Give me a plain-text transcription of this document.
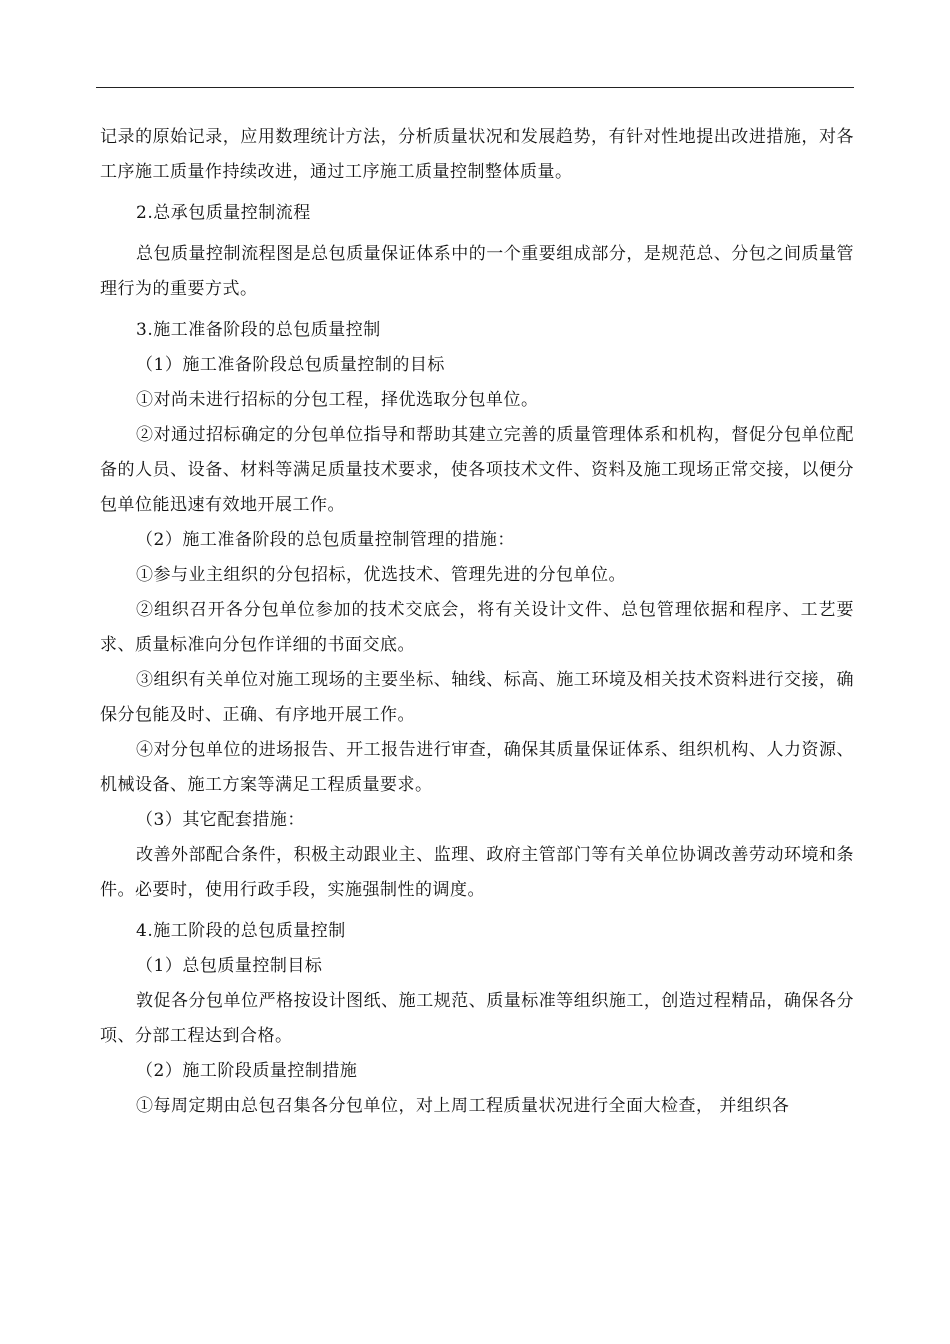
记录的原始记录，应用数理统计方法，分析质量状况和发展趋势，有针对性地提出改进措施，对各工序施工质量作持续改进，通过工序施工质量控制整体质量。

2.总承包质量控制流程

总包质量控制流程图是总包质量保证体系中的一个重要组成部分，是规范总、分包之间质量管理行为的重要方式。

3.施工准备阶段的总包质量控制

（1）施工准备阶段总包质量控制的目标

①对尚未进行招标的分包工程，择优选取分包单位。

②对通过招标确定的分包单位指导和帮助其建立完善的质量管理体系和机构，督促分包单位配备的人员、设备、材料等满足质量技术要求，使各项技术文件、资料及施工现场正常交接，以便分包单位能迅速有效地开展工作。

（2）施工准备阶段的总包质量控制管理的措施：

①参与业主组织的分包招标，优选技术、管理先进的分包单位。

②组织召开各分包单位参加的技术交底会，将有关设计文件、总包管理依据和程序、工艺要求、质量标准向分包作详细的书面交底。

③组织有关单位对施工现场的主要坐标、轴线、标高、施工环境及相关技术资料进行交接，确保分包能及时、正确、有序地开展工作。

④对分包单位的进场报告、开工报告进行审查，确保其质量保证体系、组织机构、人力资源、机械设备、施工方案等满足工程质量要求。

（3）其它配套措施：

改善外部配合条件，积极主动跟业主、监理、政府主管部门等有关单位协调改善劳动环境和条件。必要时，使用行政手段，实施强制性的调度。

4.施工阶段的总包质量控制

（1）总包质量控制目标

敦促各分包单位严格按设计图纸、施工规范、质量标准等组织施工，创造过程精品，确保各分项、分部工程达到合格。

（2）施工阶段质量控制措施

①每周定期由总包召集各分包单位，对上周工程质量状况进行全面大检查， 并组织各
